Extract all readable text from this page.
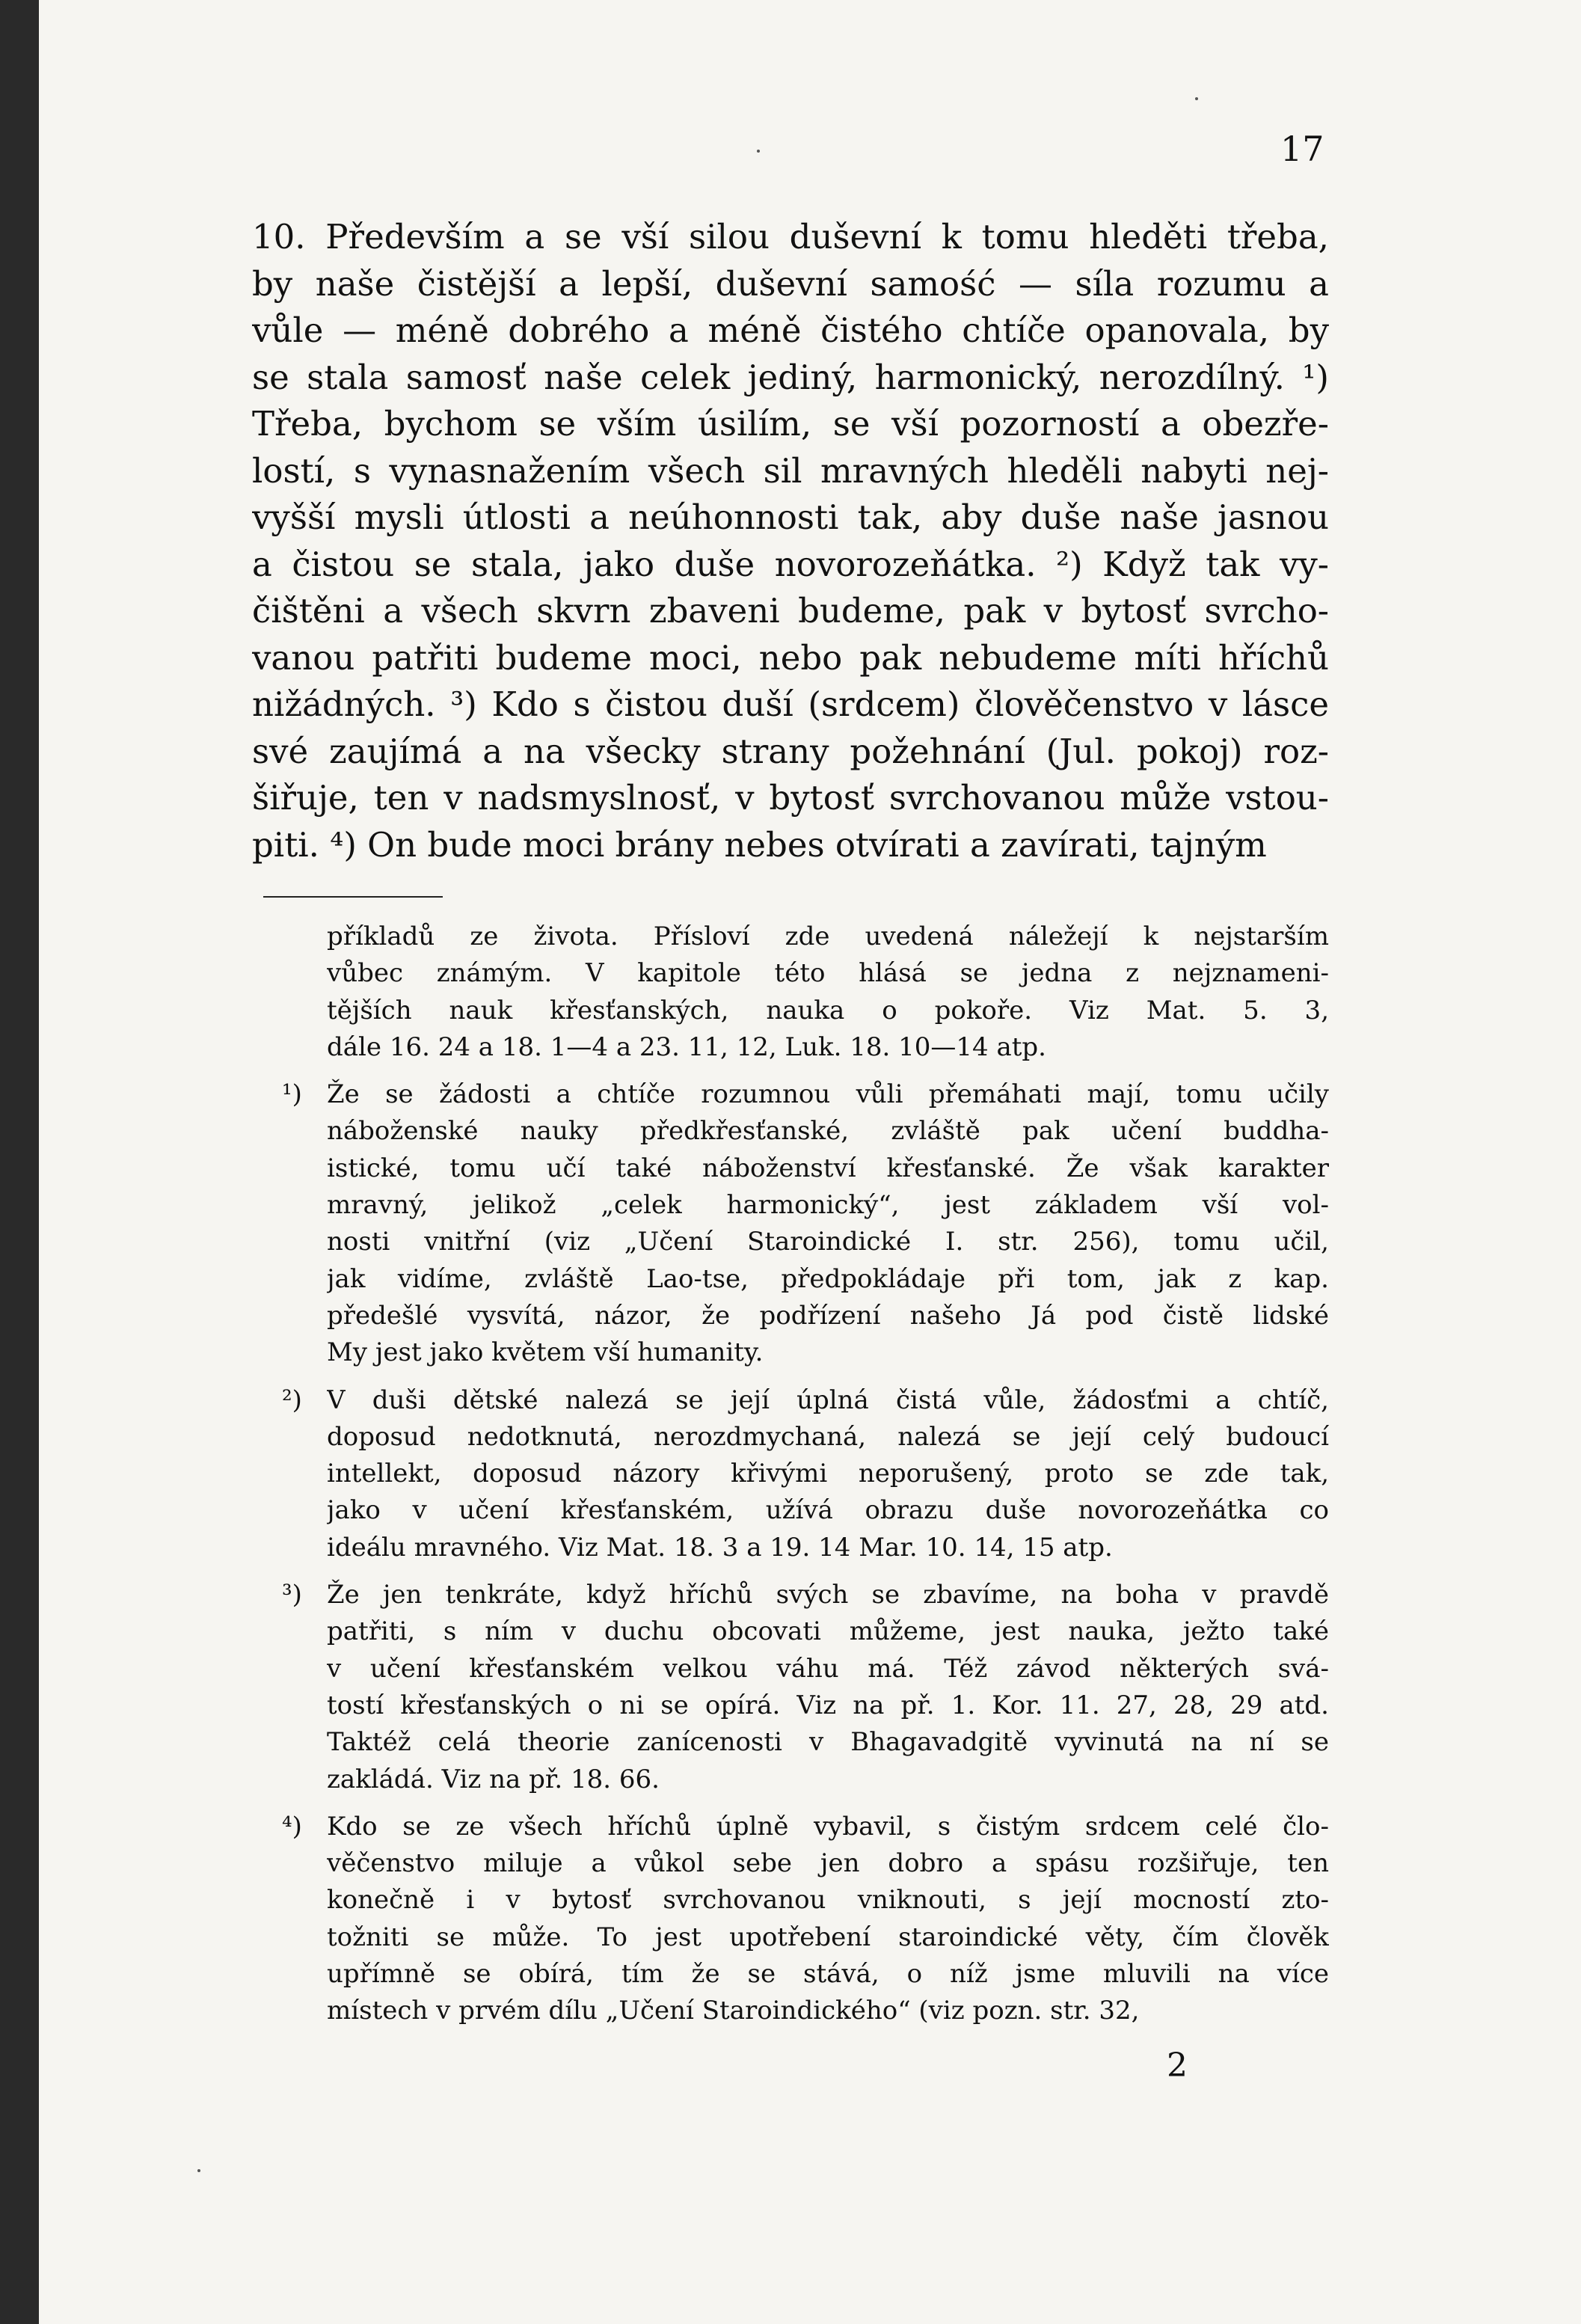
17
10. Především a se vší silou duševní k tomu hleděti třeba,
by naše čistější a lepší, duševní samość — síla rozumu a
vůle — méně dobrého a méně čistého chtíče opanovala, by
se stala samosť naše celek jediný, harmonický, nerozdílný. ¹)
Třeba, bychom se vším úsilím, se vší pozorností a obezře-
lostí, s vynasnažením všech sil mravných hleděli nabyti nej-
vyšší mysli útlosti a neúhonnosti tak, aby duše naše jasnou
a čistou se stala, jako duše novorozeňátka. ²) Když tak vy-
čištěni a všech skvrn zbaveni budeme, pak v bytosť svrcho-
vanou patřiti budeme moci, nebo pak nebudeme míti hříchů
nižádných. ³) Kdo s čistou duší (srdcem) člověčenstvo v lásce
své zaujímá a na všecky strany požehnání (Jul. pokoj) roz-
šiřuje, ten v nadsmyslnosť, v bytosť svrchovanou může vstou-
piti. ⁴) On bude moci brány nebes otvírati a zavírati, tajným
příkladů ze života. Přísloví zde uvedená náležejí k nejstarším
vůbec známým. V kapitole této hlásá se jedna z nejznameni-
tějších nauk křesťanských, nauka o pokoře. Viz Mat. 5. 3,
dále 16. 24 a 18. 1—4 a 23. 11, 12, Luk. 18. 10—14 atp.
¹) Že se žádosti a chtíče rozumnou vůli přemáhati mají, tomu učily
náboženské nauky předkřesťanské, zvláště pak učení buddha-
istické, tomu učí také náboženství křesťanské. Že však karakter
mravný, jelikož „celek harmonický“, jest základem vší vol-
nosti vnitřní (viz „Učení Staroindické I. str. 256), tomu učil,
jak vidíme, zvláště Lao-tse, předpokládaje při tom, jak z kap.
předešlé vysvítá, názor, že podřízení našeho Já pod čistě lidské
My jest jako květem vší humanity.
²) V duši dětské nalezá se její úplná čistá vůle, žádosťmi a chtíč,
doposud nedotknutá, nerozdmychaná, nalezá se její celý budoucí
intellekt, doposud názory křivými neporušený, proto se zde tak,
jako v učení křesťanském, užívá obrazu duše novorozeňátka co
ideálu mravného. Viz Mat. 18. 3 a 19. 14 Mar. 10. 14, 15 atp.
³) Že jen tenkráte, když hříchů svých se zbavíme, na boha v pravdě
patřiti, s ním v duchu obcovati můžeme, jest nauka, ježto také
v učení křesťanském velkou váhu má. Též závod některých svá-
tostí křesťanských o ni se opírá. Viz na př. 1. Kor. 11. 27, 28, 29 atd.
Taktéž celá theorie zanícenosti v Bhagavadgitě vyvinutá na ní se
zakládá. Viz na př. 18. 66.
⁴) Kdo se ze všech hříchů úplně vybavil, s čistým srdcem celé člo-
věčenstvo miluje a vůkol sebe jen dobro a spásu rozšiřuje, ten
konečně i v bytosť svrchovanou vniknouti, s její mocností zto-
tožniti se může. To jest upotřebení staroindické věty, čím člověk
upřímně se obírá, tím že se stává, o níž jsme mluvili na více
místech v prvém dílu „Učení Staroindického“ (viz pozn. str. 32,
2
